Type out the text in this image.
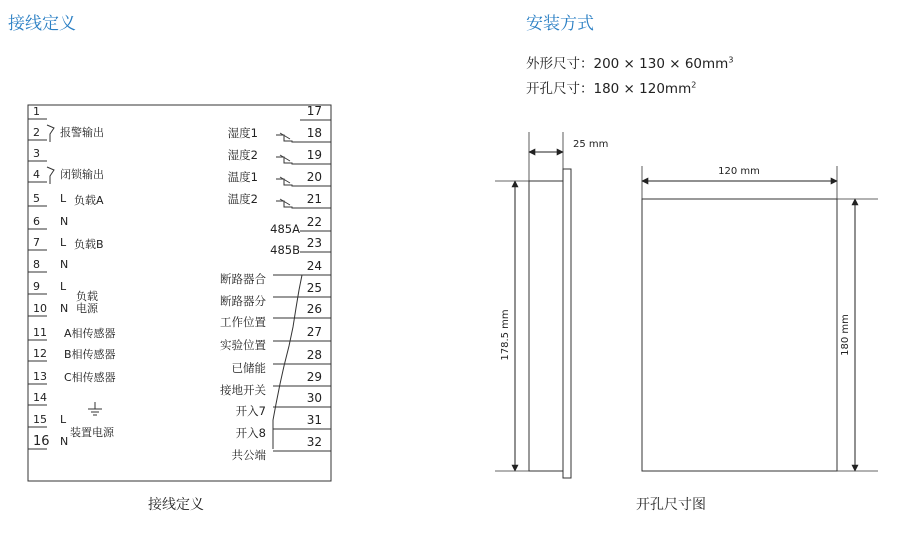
接线定义
1
2 报警输出
3
4 闭锁输出
5 L 负载A
6 N
7 L 负载B
8 N
9 L
负载
10 N 电源
11 A相传感器
12 B相传感器
13 C相传感器
14
15 L
装置电源
16 N
17
18
湿度1
19
湿度2
20
温度1
21
温度2
22
485A
23
485B
24
断路器合
25
断路器分
26
工作位置
27
实验位置
28
已储能
29
接地开关
30
开入7
31
开入8
32
共公端
接线定义
安装方式
外形尺寸：$200 \times 130 \times 60mm^3$
开孔尺寸：$180 \times 120mm^2$
25 mm
178.5 mm
120 mm
180 mm
开孔尺寸图
